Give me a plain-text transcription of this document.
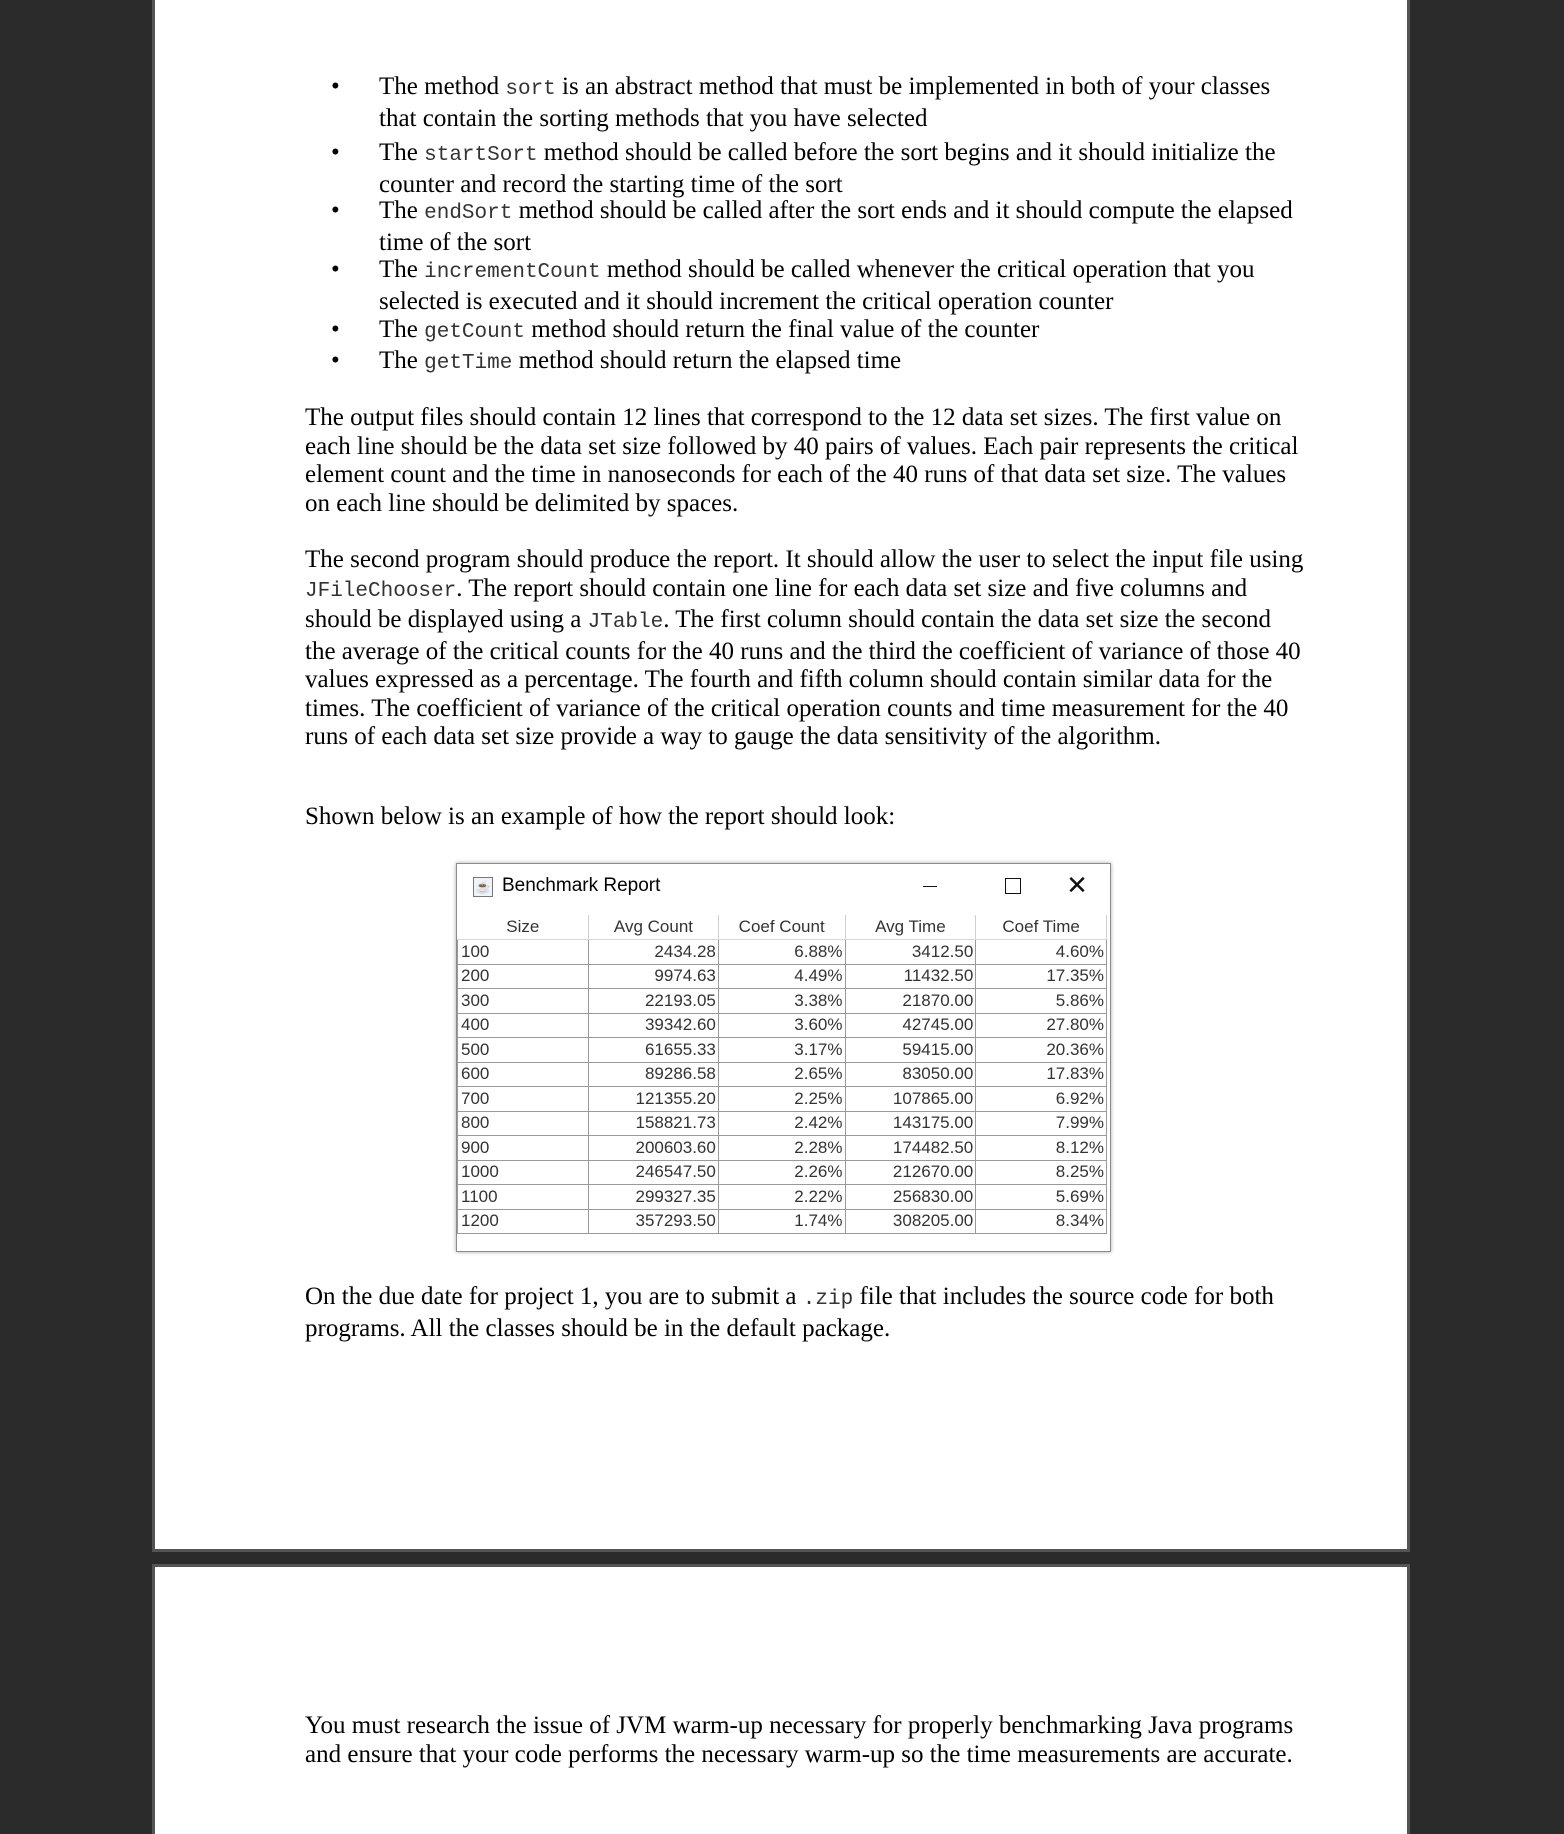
• The method sort is an abstract method that must be implemented in both of your classes that contain the sorting methods that you have selected
• The startSort method should be called before the sort begins and it should initialize the counter and record the starting time of the sort
• The endSort method should be called after the sort ends and it should compute the elapsed time of the sort
• The incrementCount method should be called whenever the critical operation that you selected is executed and it should increment the critical operation counter
• The getCount method should return the final value of the counter
• The getTime method should return the elapsed time
The output files should contain 12 lines that correspond to the 12 data set sizes. The first value on each line should be the data set size followed by 40 pairs of values. Each pair represents the critical element count and the time in nanoseconds for each of the 40 runs of that data set size. The values on each line should be delimited by spaces.
The second program should produce the report. It should allow the user to select the input file using JFileChooser. The report should contain one line for each data set size and five columns and should be displayed using a JTable. The first column should contain the data set size the second the average of the critical counts for the 40 runs and the third the coefficient of variance of those 40 values expressed as a percentage. The fourth and fifth column should contain similar data for the times. The coefficient of variance of the critical operation counts and time measurement for the 40 runs of each data set size provide a way to gauge the data sensitivity of the algorithm.
Shown below is an example of how the report should look:
☕ Benchmark Report	✕
Size	Avg Count	Coef Count	Avg Time	Coef Time
100	2434.28	6.88%	3412.50	4.60%
200	9974.63	4.49%	11432.50	17.35%
300	22193.05	3.38%	21870.00	5.86%
400	39342.60	3.60%	42745.00	27.80%
500	61655.33	3.17%	59415.00	20.36%
600	89286.58	2.65%	83050.00	17.83%
700	121355.20	2.25%	107865.00	6.92%
800	158821.73	2.42%	143175.00	7.99%
900	200603.60	2.28%	174482.50	8.12%
1000	246547.50	2.26%	212670.00	8.25%
1100	299327.35	2.22%	256830.00	5.69%
1200	357293.50	1.74%	308205.00	8.34%
On the due date for project 1, you are to submit a .zip file that includes the source code for both programs. All the classes should be in the default package.
You must research the issue of JVM warm-up necessary for properly benchmarking Java programs and ensure that your code performs the necessary warm-up so the time measurements are accurate.
